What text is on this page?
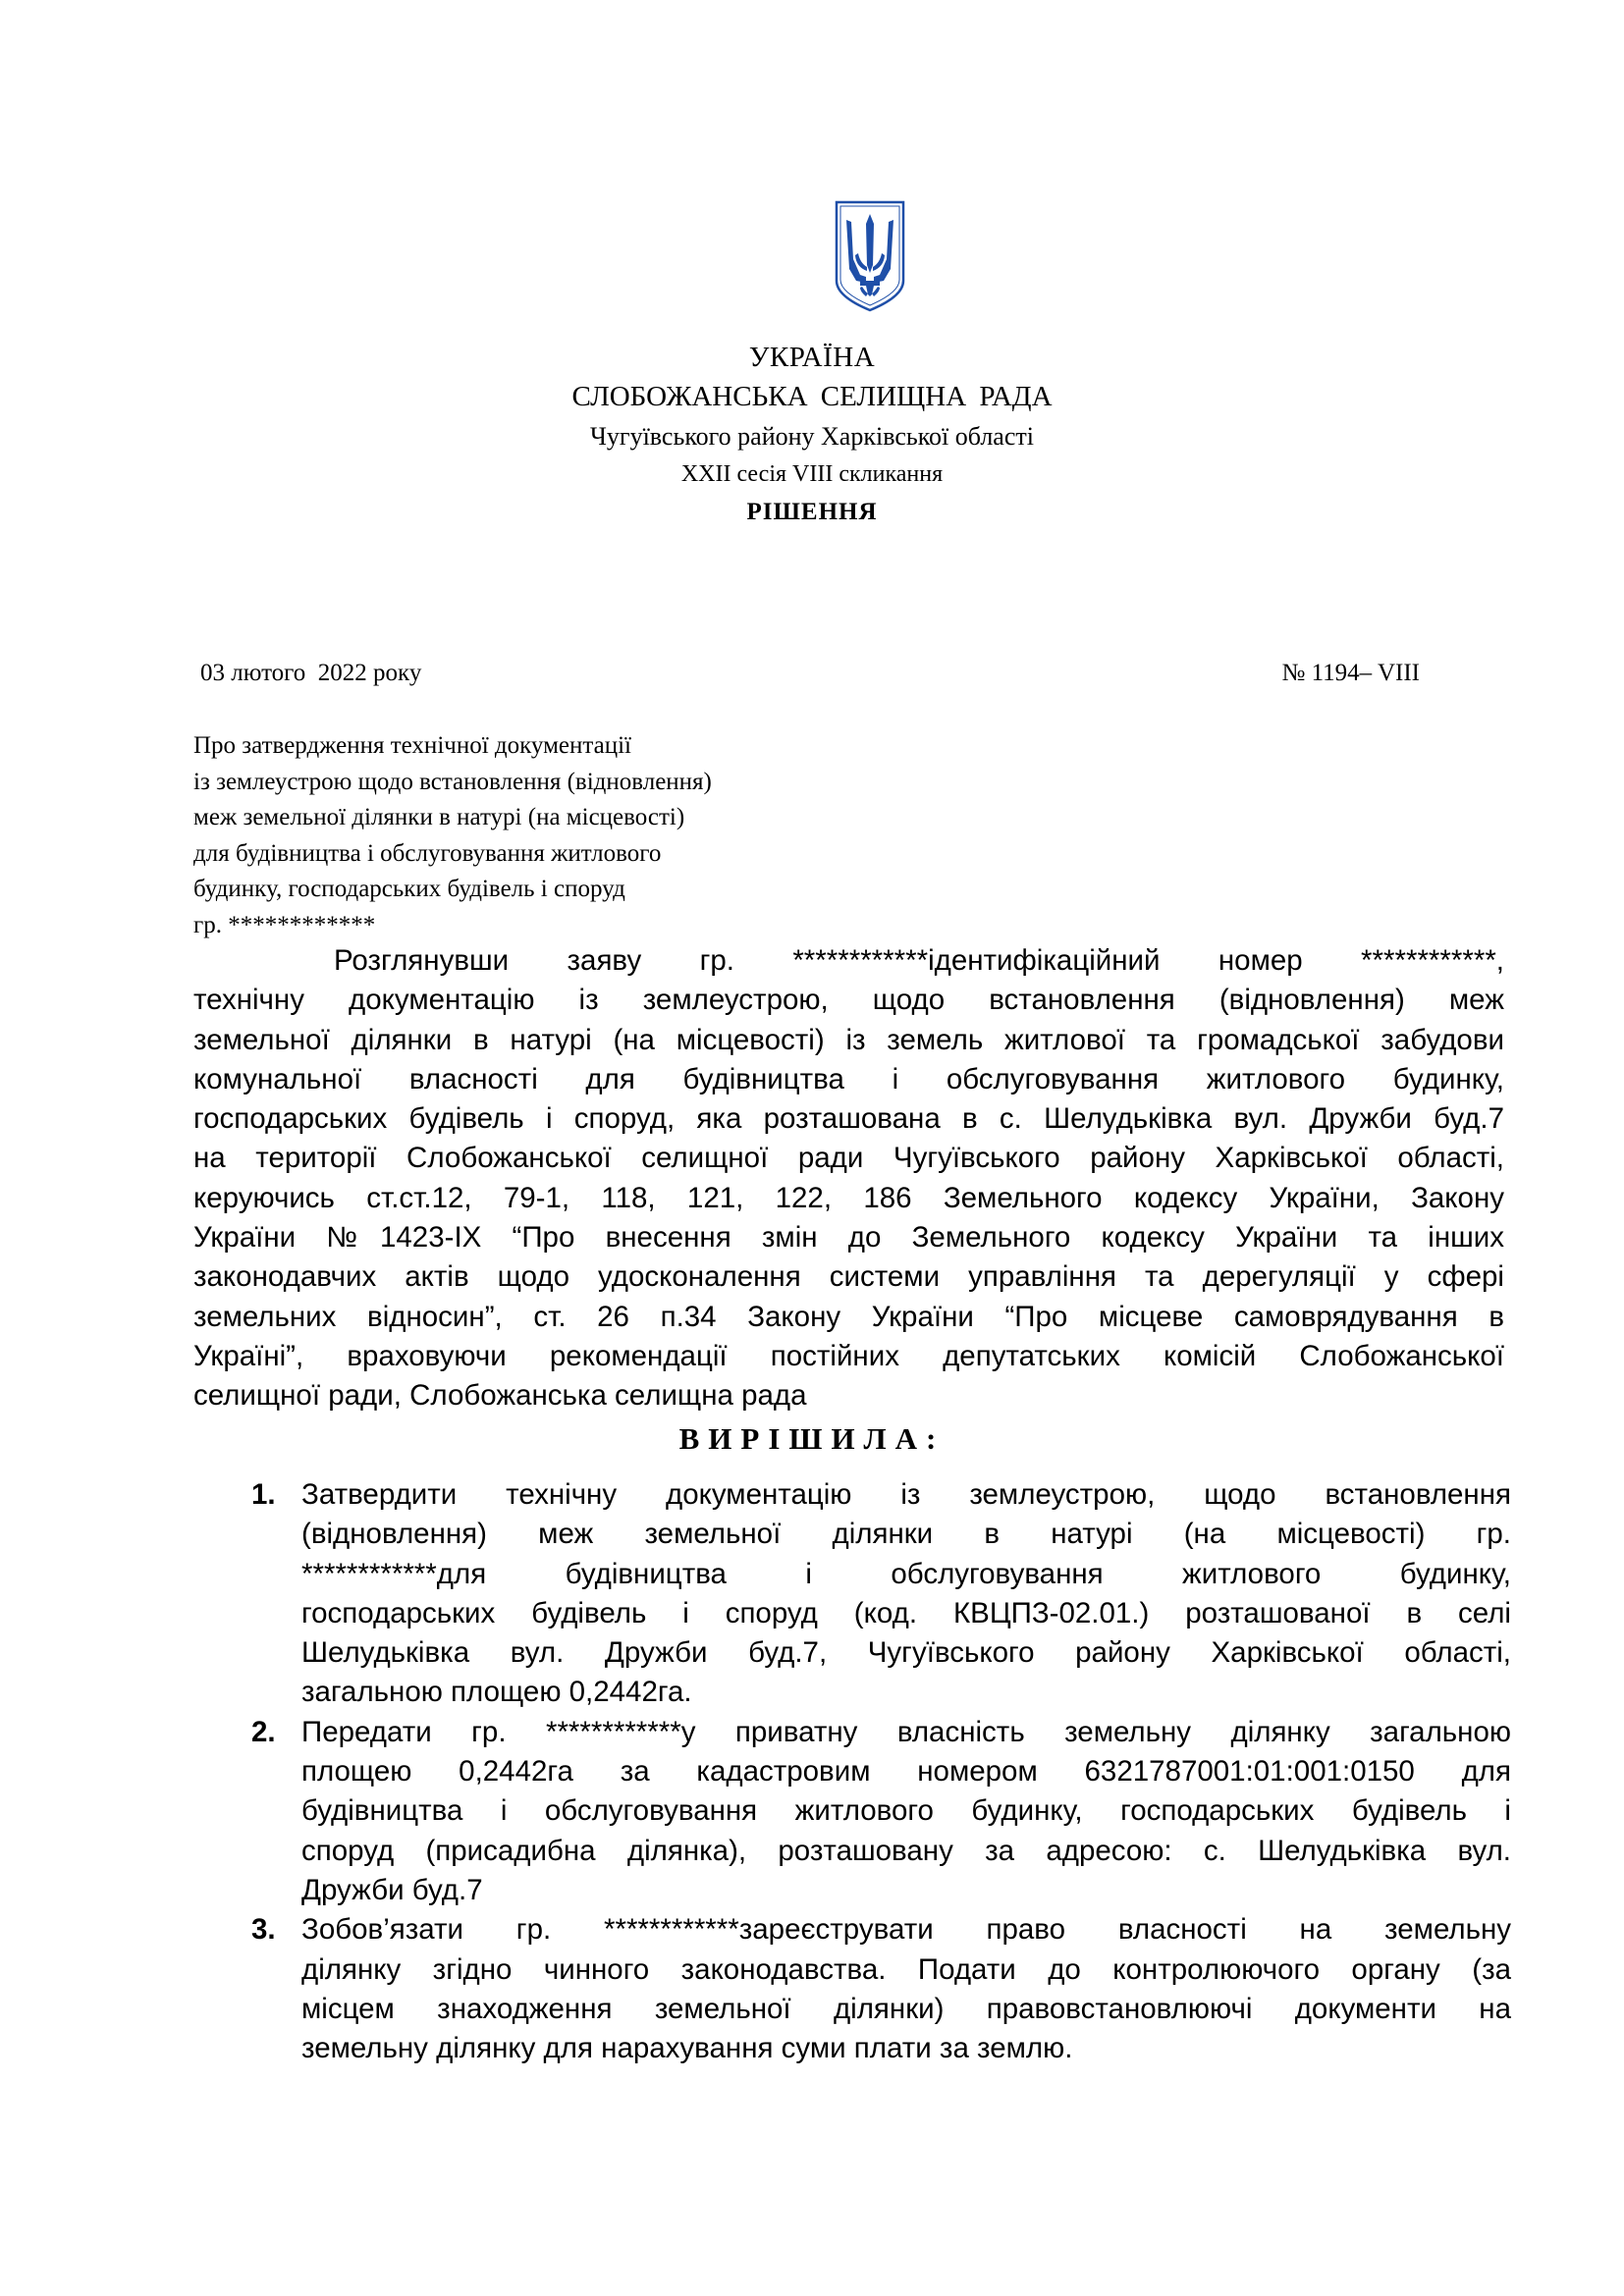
УКРАЇНА
СЛОБОЖАНСЬКА СЕЛИЩНА РАДА
Чугуївського району Харківської області
XXII сесія VIII скликання
РІШЕННЯ
03 лютого  2022 року	№ 1194– VIII
Про затвердження технічної документації
із землеустрою щодо встановлення (відновлення)
меж земельної ділянки в натурі (на місцевості)
для будівництва і обслуговування житлового
будинку, господарських будівель і споруд
гр. ************
Розглянувши заяву гр. ************ідентифікаційний номер ************,
технічну документацію із землеустрою, щодо встановлення (відновлення) меж
земельної ділянки в натурі (на місцевості) із земель житлової та громадської забудови
комунальної власності для будівництва і обслуговування житлового будинку,
господарських будівель і споруд, яка розташована в с. Шелудьківка вул. Дружби буд.7
на території Слобожанської селищної ради Чугуївського району Харківської області,
керуючись ст.ст.12, 79-1, 118, 121, 122, 186 Земельного кодексу України, Закону
України №1423-IX “Про внесення змін до Земельного кодексу України та інших
законодавчих актів щодо удосконалення системи управління та дерегуляції у сфері
земельних відносин”, ст. 26 п.34 Закону України “Про місцеве самоврядування в
Україні”, враховуючи рекомендації постійних депутатських комісій Слобожанської
селищної ради, Слобожанська селищна рада
ВИРІШИЛА:
1. Затвердити технічну документацію із землеустрою, щодо встановлення
(відновлення) меж земельної ділянки в натурі (на місцевості) гр.
************для будівництва і обслуговування житлового будинку,
господарських будівель і споруд (код. КВЦПЗ-02.01.) розташованої в селі
Шелудьківка вул. Дружби буд.7, Чугуївського району Харківської області,
загальною площею 0,2442га.
2. Передати гр. ************у приватну власність земельну ділянку загальною
площею 0,2442га за кадастровим номером 6321787001:01:001:0150 для
будівництва і обслуговування житлового будинку, господарських будівель і
споруд (присадибна ділянка), розташовану за адресою: с. Шелудьківка вул.
Дружби буд.7
3. Зобов’язати гр. ************зареєструвати право власності на земельну
ділянку згідно чинного законодавства. Подати до контролюючого органу (за
місцем знаходження земельної ділянки) правовстановлюючі документи на
земельну ділянку для нарахування суми плати за землю.
